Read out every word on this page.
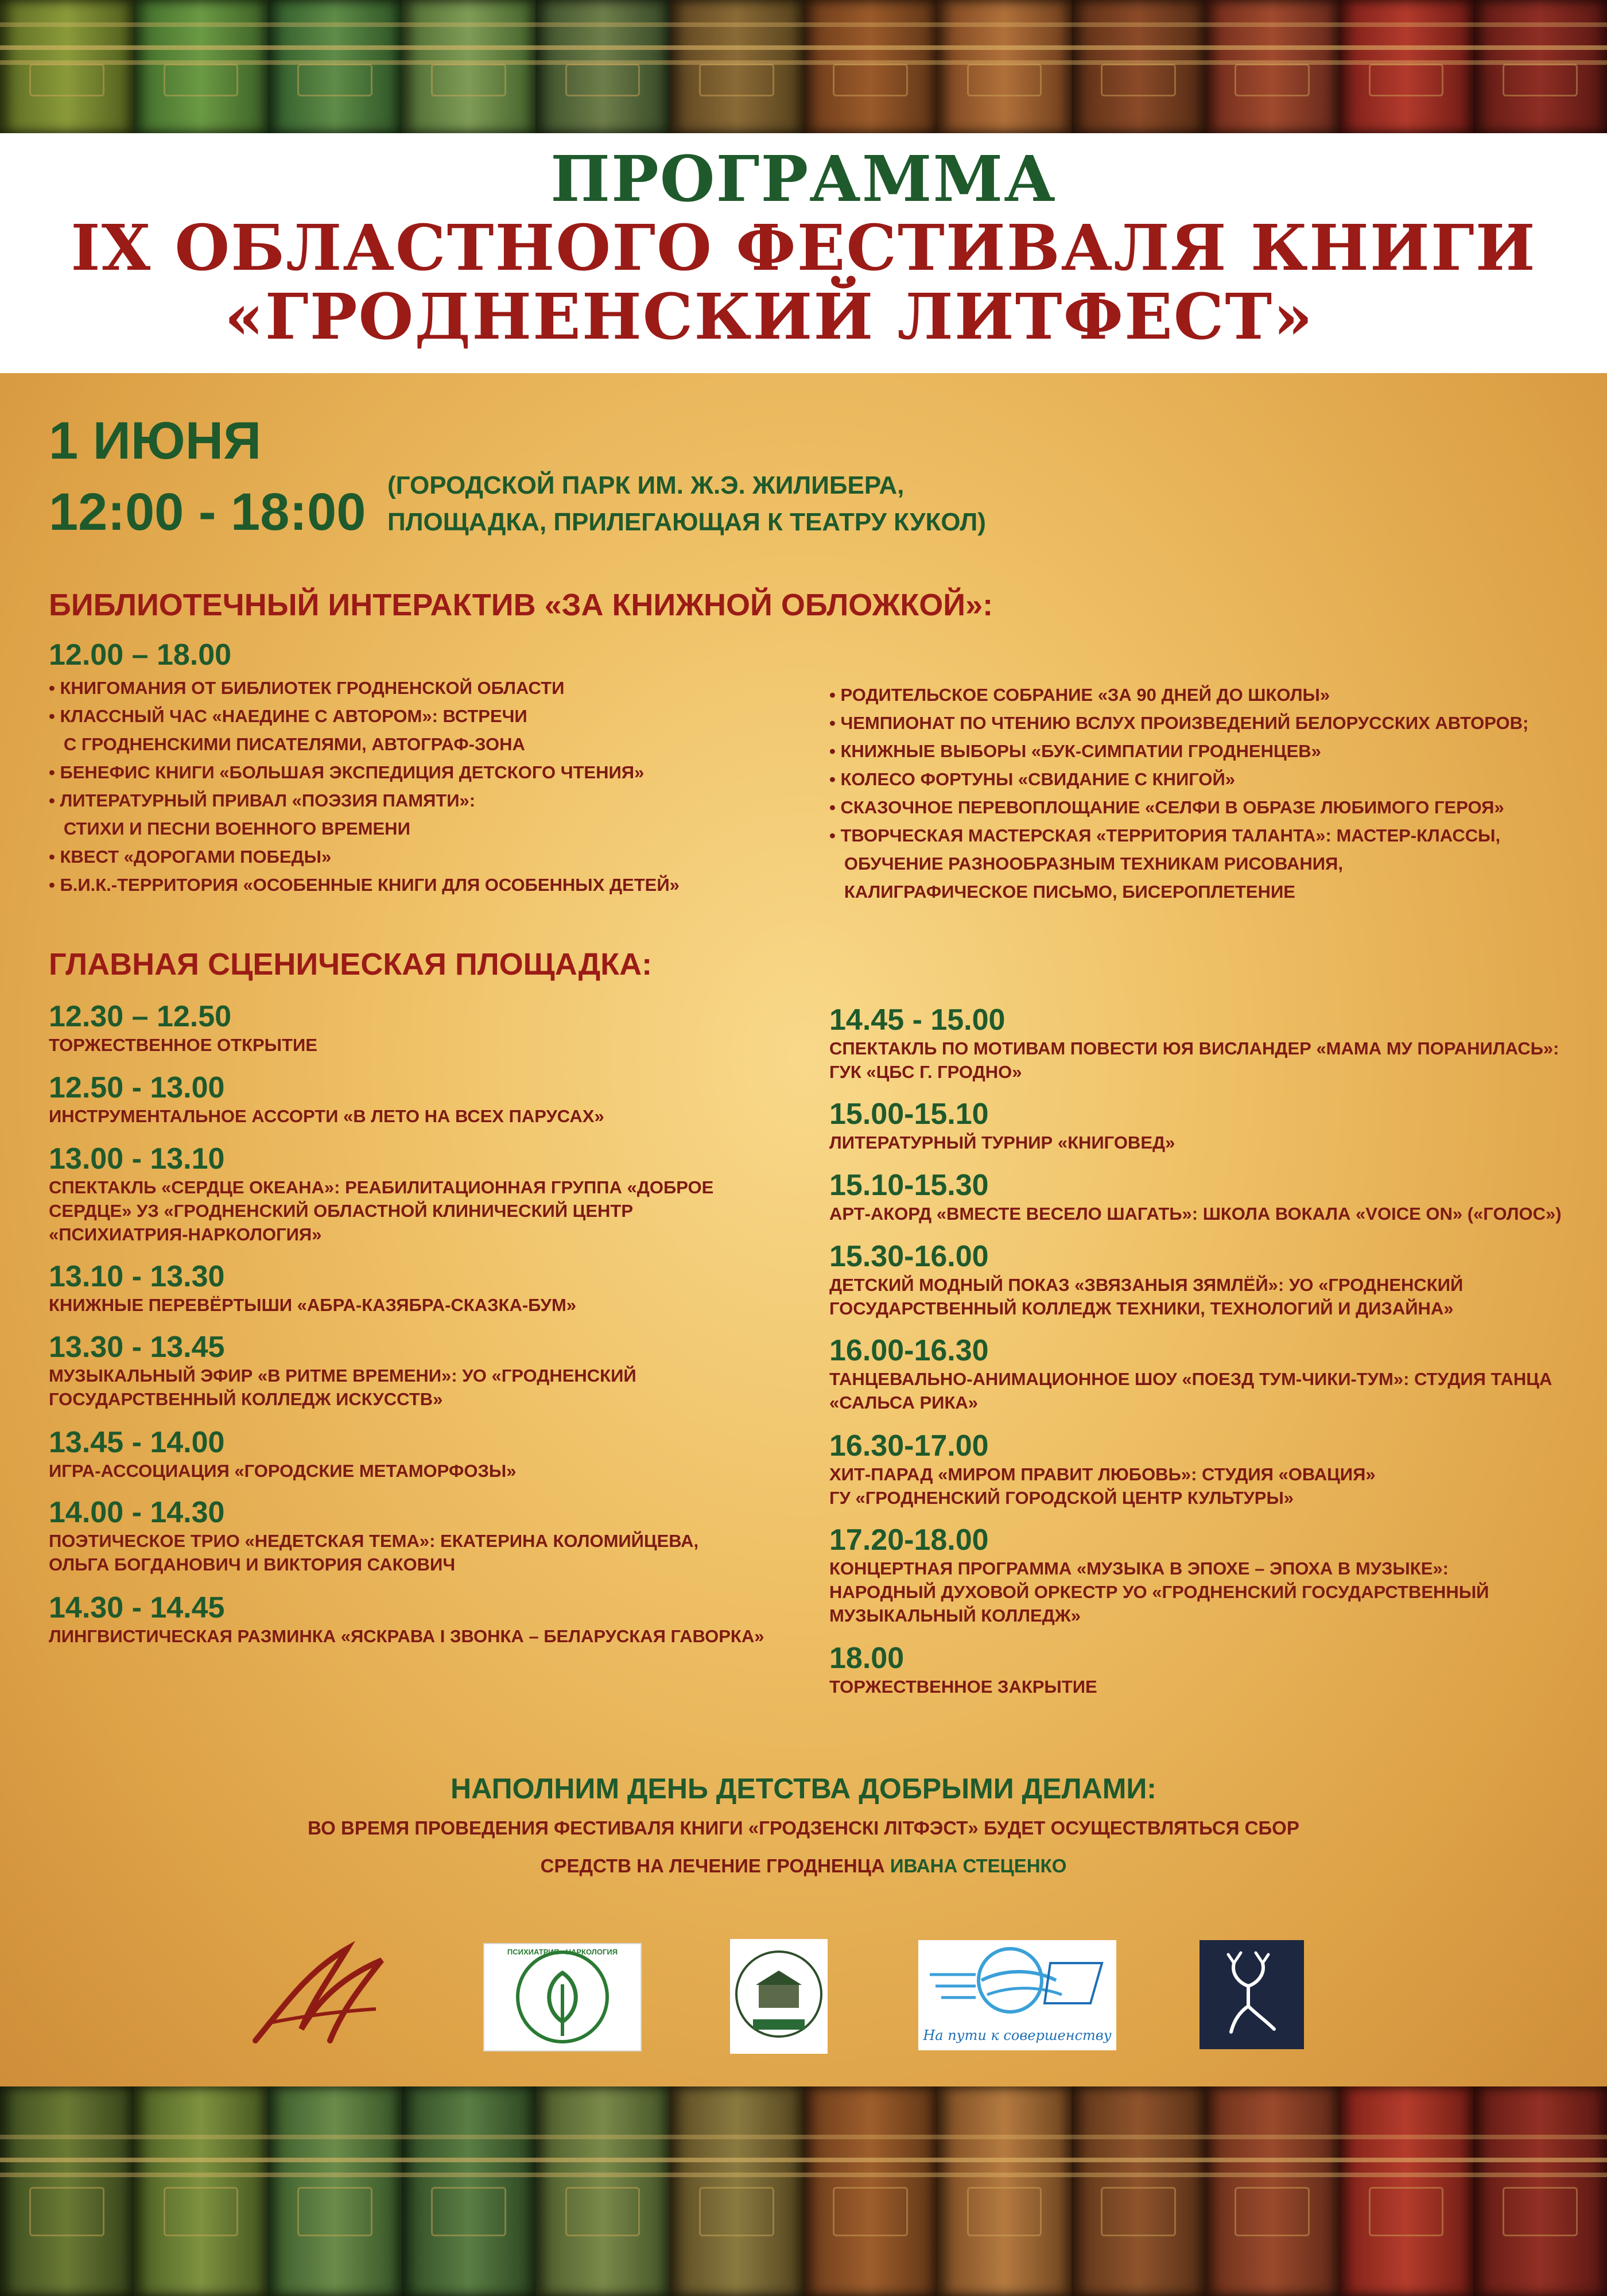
ПРОГРАММА
IX ОБЛАСТНОГО ФЕСТИВАЛЯ КНИГИ
«ГРОДНЕНСКИЙ ЛИТФЕСТ»
1 ИЮНЯ
12:00 - 18:00 (ГОРОДСКОЙ ПАРК ИМ. Ж.Э. ЖИЛИБЕРА,
ПЛОЩАДКА, ПРИЛЕГАЮЩАЯ К ТЕАТРУ КУКОЛ)
БИБЛИОТЕЧНЫЙ ИНТЕРАКТИВ «ЗА КНИЖНОЙ ОБЛОЖКОЙ»:
12.00 – 18.00
• КНИГОМАНИЯ ОТ БИБЛИОТЕК ГРОДНЕНСКОЙ ОБЛАСТИ
• КЛАССНЫЙ ЧАС «НАЕДИНЕ С АВТОРОМ»: ВСТРЕЧИ
С ГРОДНЕНСКИМИ ПИСАТЕЛЯМИ, АВТОГРАФ-ЗОНА
• БЕНЕФИС КНИГИ «БОЛЬШАЯ ЭКСПЕДИЦИЯ ДЕТСКОГО ЧТЕНИЯ»
• ЛИТЕРАТУРНЫЙ ПРИВАЛ «ПОЭЗИЯ ПАМЯТИ»:
СТИХИ И ПЕСНИ ВОЕННОГО ВРЕМЕНИ
• КВЕСТ «ДОРОГАМИ ПОБЕДЫ»
• Б.И.К.-ТЕРРИТОРИЯ «ОСОБЕННЫЕ КНИГИ ДЛЯ ОСОБЕННЫХ ДЕТЕЙ»
• РОДИТЕЛЬСКОЕ СОБРАНИЕ «ЗА 90 ДНЕЙ ДО ШКОЛЫ»
• ЧЕМПИОНАТ ПО ЧТЕНИЮ ВСЛУХ ПРОИЗВЕДЕНИЙ БЕЛОРУССКИХ АВТОРОВ;
• КНИЖНЫЕ ВЫБОРЫ «БУК-СИМПАТИИ ГРОДНЕНЦЕВ»
• КОЛЕСО ФОРТУНЫ «СВИДАНИЕ С КНИГОЙ»
• СКАЗОЧНОЕ ПЕРЕВОПЛОЩАНИЕ «СЕЛФИ В ОБРАЗЕ ЛЮБИМОГО ГЕРОЯ»
• ТВОРЧЕСКАЯ МАСТЕРСКАЯ «ТЕРРИТОРИЯ ТАЛАНТА»: МАСТЕР-КЛАССЫ,
ОБУЧЕНИЕ РАЗНООБРАЗНЫМ ТЕХНИКАМ РИСОВАНИЯ,
КАЛИГРАФИЧЕСКОЕ ПИСЬМО, БИСЕРОПЛЕТЕНИЕ
ГЛАВНАЯ СЦЕНИЧЕСКАЯ ПЛОЩАДКА:
12.30 – 12.50
ТОРЖЕСТВЕННОЕ ОТКРЫТИЕ
12.50 - 13.00
ИНСТРУМЕНТАЛЬНОЕ АССОРТИ «В ЛЕТО НА ВСЕХ ПАРУСАХ»
13.00 - 13.10
СПЕКТАКЛЬ «СЕРДЦЕ ОКЕАНА»: РЕАБИЛИТАЦИОННАЯ ГРУППА «ДОБРОЕ
СЕРДЦЕ» УЗ «ГРОДНЕНСКИЙ ОБЛАСТНОЙ КЛИНИЧЕСКИЙ ЦЕНТР
«ПСИХИАТРИЯ-НАРКОЛОГИЯ»
13.10 - 13.30
КНИЖНЫЕ ПЕРЕВЁРТЫШИ «АБРА-КАЗЯБРА-СКАЗКА-БУМ»
13.30 - 13.45
МУЗЫКАЛЬНЫЙ ЭФИР «В РИТМЕ ВРЕМЕНИ»: УО «ГРОДНЕНСКИЙ
ГОСУДАРСТВЕННЫЙ КОЛЛЕДЖ ИСКУССТВ»
13.45 - 14.00
ИГРА-АССОЦИАЦИЯ «ГОРОДСКИЕ МЕТАМОРФОЗЫ»
14.00 - 14.30
ПОЭТИЧЕСКОЕ ТРИО «НЕДЕТСКАЯ ТЕМА»: ЕКАТЕРИНА КОЛОМИЙЦЕВА,
ОЛЬГА БОГДАНОВИЧ И ВИКТОРИЯ САКОВИЧ
14.30 - 14.45
ЛИНГВИСТИЧЕСКАЯ РАЗМИНКА «ЯСКРАВА І ЗВОНКА – БЕЛАРУСКАЯ ГАВОРКА»
14.45 - 15.00
СПЕКТАКЛЬ ПО МОТИВАМ ПОВЕСТИ ЮЯ ВИСЛАНДЕР «МАМА МУ ПОРАНИЛАСЬ»:
ГУК «ЦБС Г. ГРОДНО»
15.00-15.10
ЛИТЕРАТУРНЫЙ ТУРНИР «КНИГОВЕД»
15.10-15.30
АРТ-АКОРД «ВМЕСТЕ ВЕСЕЛО ШАГАТЬ»: ШКОЛА ВОКАЛА «VOICE ON» («ГОЛОС»)
15.30-16.00
ДЕТСКИЙ МОДНЫЙ ПОКАЗ «ЗВЯЗАНЫЯ ЗЯМЛЁЙ»: УО «ГРОДНЕНСКИЙ
ГОСУДАРСТВЕННЫЙ КОЛЛЕДЖ ТЕХНИКИ, ТЕХНОЛОГИЙ И ДИЗАЙНА»
16.00-16.30
ТАНЦЕВАЛЬНО-АНИМАЦИОННОЕ ШОУ «ПОЕЗД ТУМ-ЧИКИ-ТУМ»: СТУДИЯ ТАНЦА
«САЛЬСА РИКА»
16.30-17.00
ХИТ-ПАРАД «МИРОМ ПРАВИТ ЛЮБОВЬ»: СТУДИЯ «ОВАЦИЯ»
ГУ «ГРОДНЕНСКИЙ ГОРОДСКОЙ ЦЕНТР КУЛЬТУРЫ»
17.20-18.00
КОНЦЕРТНАЯ ПРОГРАММА «МУЗЫКА В ЭПОХЕ – ЭПОХА В МУЗЫКЕ»:
НАРОДНЫЙ ДУХОВОЙ ОРКЕСТР УО «ГРОДНЕНСКИЙ ГОСУДАРСТВЕННЫЙ
МУЗЫКАЛЬНЫЙ КОЛЛЕДЖ»
18.00
ТОРЖЕСТВЕННОЕ ЗАКРЫТИЕ
НАПОЛНИМ ДЕНЬ ДЕТСТВА ДОБРЫМИ ДЕЛАМИ:
ВО ВРЕМЯ ПРОВЕДЕНИЯ ФЕСТИВАЛЯ КНИГИ «ГРОДЗЕНСКІ ЛІТФЭСТ» БУДЕТ ОСУЩЕСТВЛЯТЬСЯ СБОР
СРЕДСТВ НА ЛЕЧЕНИЕ ГРОДНЕНЦА ИВАНА СТЕЦЕНКО
ПСИХИАТРИЯ · НАРКОЛОГИЯ
На пути к совершенству
